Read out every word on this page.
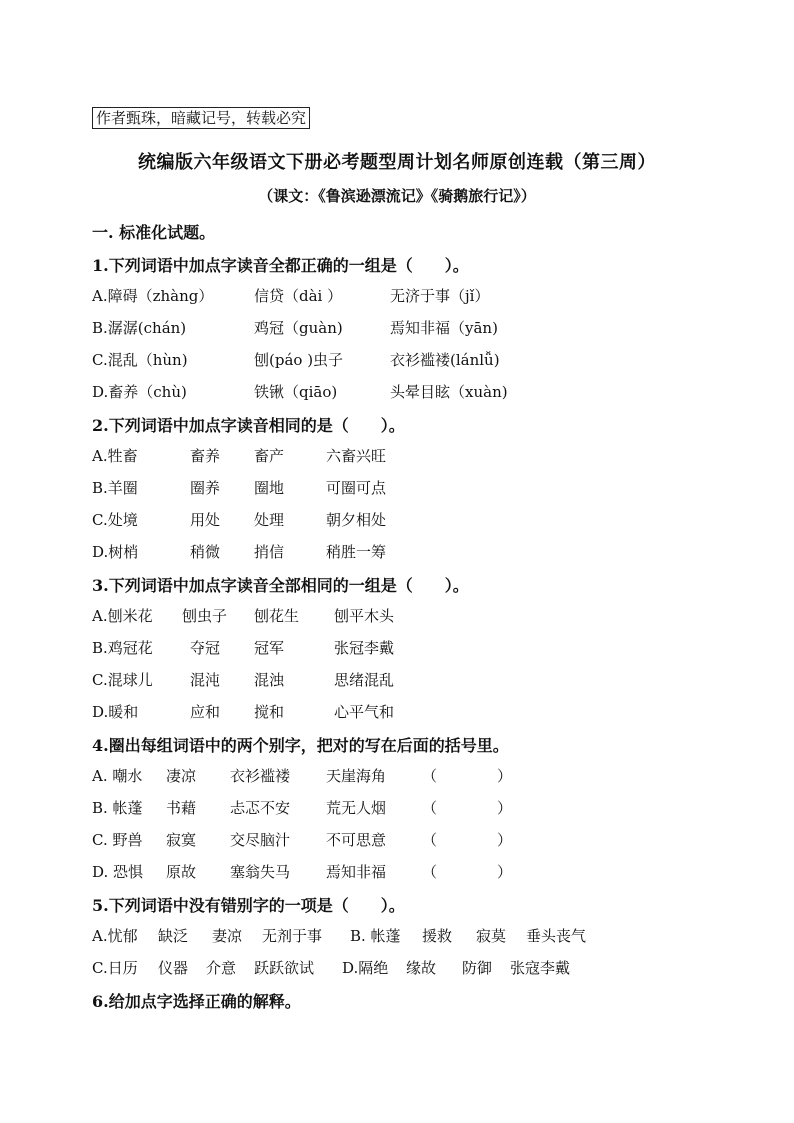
作者甄珠，暗藏记号，转载必究
统编版六年级语文下册必考题型周计划名师原创连载（第三周）
（课文：《鲁滨逊漂流记》《骑鹅旅行记》）
一. 标准化试题。
1.下列词语中加点字读音全都正确的一组是（　　）。
A.障碍（zhàng）	信贷（dài ）	无济于事（jǐ）
B.潺潺(chán)	鸡冠（guàn)	焉知非福（yān)
C.混乱（hùn)	刨(páo )虫子	衣衫褴褛(lánlǚ)
D.畜养（chù)	铁锹（qiāo)	头晕目眩（xuàn)
2.下列词语中加点字读音相同的是（　　）。
A.牲畜	畜养 畜产	六畜兴旺
B.羊圈	圈养 圈地	可圈可点
C.处境	用处 处理	朝夕相处
D.树梢	稍微 捎信	稍胜一筹
3.下列词语中加点字读音全部相同的一组是（　　）。
A.刨米花 刨虫子 刨花生 刨平木头
B.鸡冠花 夺冠 冠军	张冠李戴
C.混球儿 混沌 混浊	思绪混乱
D.暖和	应和 搅和	心平气和
4.圈出每组词语中的两个别字，把对的写在后面的括号里。
A. 嘲水 凄凉 衣衫褴褛 天崖海角 （　　　　）
B. 帐蓬 书藉 忐忑不安 荒无人烟 （　　　　）
C. 野兽 寂寞 交尽脑汁 不可思意 （　　　　）
D. 恐惧 原故 塞翁失马 焉知非福 （　　　　）
5.下列词语中没有错别字的一项是（　　）。
A.忧郁 缺泛 妻凉 无剂于事 B. 帐蓬 援救 寂莫 垂头丧气
C.日历 仪器 介意 跃跃欲试 D.隔绝 缘故 防御 张寇李戴
6.给加点字选择正确的解释。
